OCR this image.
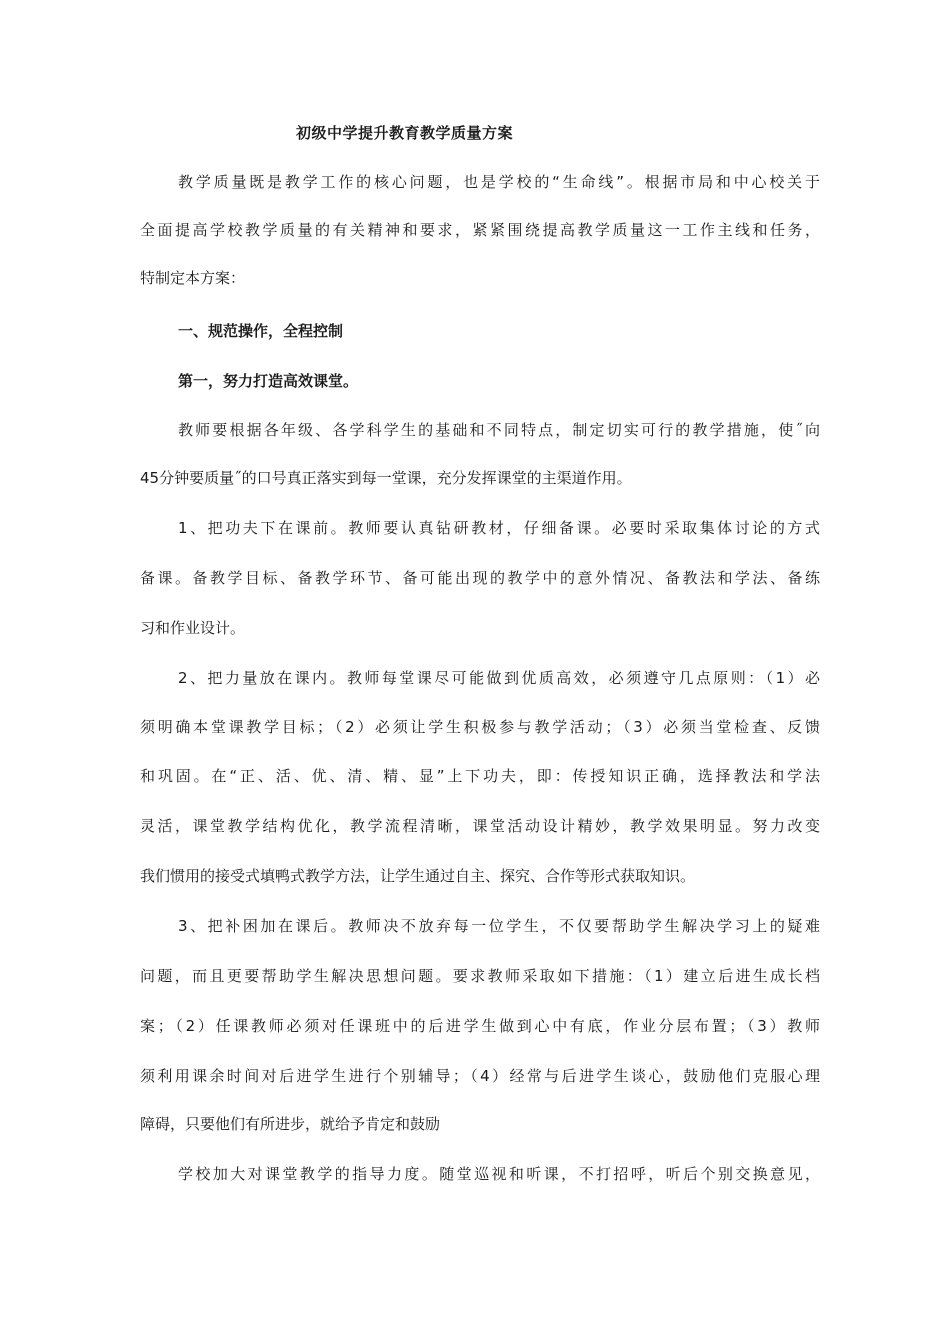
初级中学提升教育教学质量方案
教学质量既是教学工作的核心问题，也是学校的“生命线”。根据市局和中心校关于
全面提高学校教学质量的有关精神和要求，紧紧围绕提高教学质量这一工作主线和任务，
特制定本方案：
一、规范操作，全程控制
第一，努力打造高效课堂。
教师要根据各年级、各学科学生的基础和不同特点，制定切实可行的教学措施，使˝向
45分钟要质量˝的口号真正落实到每一堂课，充分发挥课堂的主渠道作用。
1、把功夫下在课前。教师要认真钻研教材，仔细备课。必要时采取集体讨论的方式
备课。备教学目标、备教学环节、备可能出现的教学中的意外情况、备教法和学法、备练
习和作业设计。
2、把力量放在课内。教师每堂课尽可能做到优质高效，必须遵守几点原则：（1）必
须明确本堂课教学目标；（2）必须让学生积极参与教学活动；（3）必须当堂检查、反馈
和巩固。在“正、活、优、清、精、显”上下功夫，即：传授知识正确，选择教法和学法
灵活，课堂教学结构优化，教学流程清晰，课堂活动设计精妙，教学效果明显。努力改变
我们惯用的接受式填鸭式教学方法，让学生通过自主、探究、合作等形式获取知识。
3、把补困加在课后。教师决不放弃每一位学生，不仅要帮助学生解决学习上的疑难
问题，而且更要帮助学生解决思想问题。要求教师采取如下措施：（1）建立后进生成长档
案；（2）任课教师必须对任课班中的后进学生做到心中有底，作业分层布置；（3）教师
须利用课余时间对后进学生进行个别辅导；（4）经常与后进学生谈心，鼓励他们克服心理
障碍，只要他们有所进步，就给予肯定和鼓励
学校加大对课堂教学的指导力度。随堂巡视和听课，不打招呼，听后个别交换意见，
